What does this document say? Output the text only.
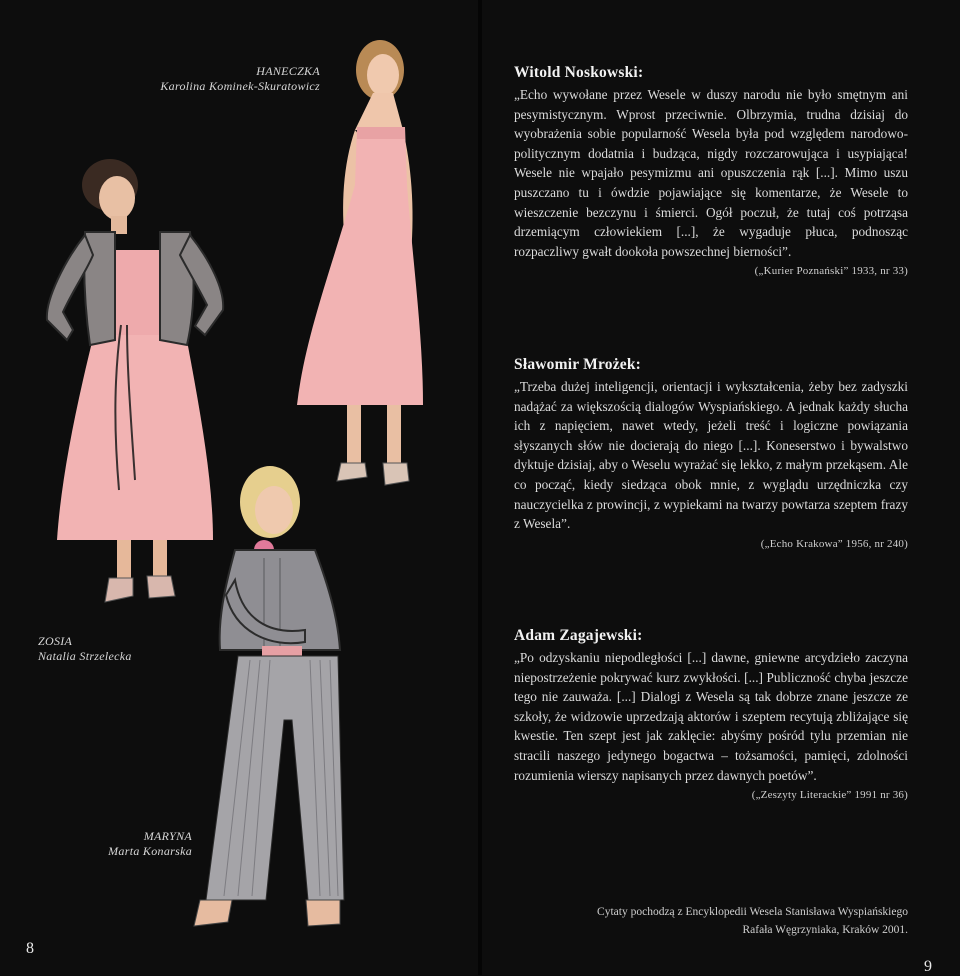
HANECZKA
Karolina Kominek-Skuratowicz
ZOSIA
Natalia Strzelecka
MARYNA
Marta Konarska
8
Witold Noskowski:

„Echo wywołane przez Wesele w duszy narodu nie było smętnym ani pesymistycznym. Wprost przeciwnie. Olbrzymia, trudna dzisiaj do wyobrażenia sobie popularność Wesela była pod względem narodowo-politycznym dodatnia i budząca, nigdy rozczarowująca i usypiająca! Wesele nie wpajało pesymizmu ani opuszczenia rąk [...]. Mimo uszu puszczano tu i ówdzie pojawiające się komentarze, że Wesele to wieszczenie bezczynu i śmierci. Ogół poczuł, że tutaj coś potrząsa drzemiącym człowiekiem [...], że wygaduje płuca, podnosząc rozpaczliwy gwałt dookoła powszechnej bierności”.

(„Kurier Poznański” 1933, nr 33)
Sławomir Mrożek:

„Trzeba dużej inteligencji, orientacji i wykształcenia, żeby bez zadyszki nadążać za większością dialogów Wyspiańskiego. A jednak każdy słucha ich z napięciem, nawet wtedy, jeżeli treść i logiczne powiązania słyszanych słów nie docierają do niego [...]. Koneserstwo i bywalstwo dyktuje dzisiaj, aby o Weselu wyrażać się lekko, z małym przekąsem. Ale co począć, kiedy siedząca obok mnie, z wyglądu urzędniczka czy nauczycielka z prowincji, z wypiekami na twarzy powtarza szeptem frazy z Wesela”.

(„Echo Krakowa” 1956, nr 240)
Adam Zagajewski:

„Po odzyskaniu niepodległości [...] dawne, gniewne arcydzieło zaczyna niepostrzeżenie pokrywać kurz zwykłości. [...] Publiczność chyba jeszcze tego nie zauważa. [...] Dialogi z Wesela są tak dobrze znane jeszcze ze szkoły, że widzowie uprzedzają aktorów i szeptem recytują zbliżające się kwestie. Ten szept jest jak zaklęcie: abyśmy pośród tylu przemian nie stracili naszego jedynego bogactwa – tożsamości, pamięci, zdolności rozumienia wierszy napisanych przez dawnych poetów”.

(„Zeszyty Literackie” 1991 nr 36)
Cytaty pochodzą z Encyklopedii Wesela Stanisława Wyspiańskiego
Rafała Węgrzyniaka, Kraków 2001.
9
